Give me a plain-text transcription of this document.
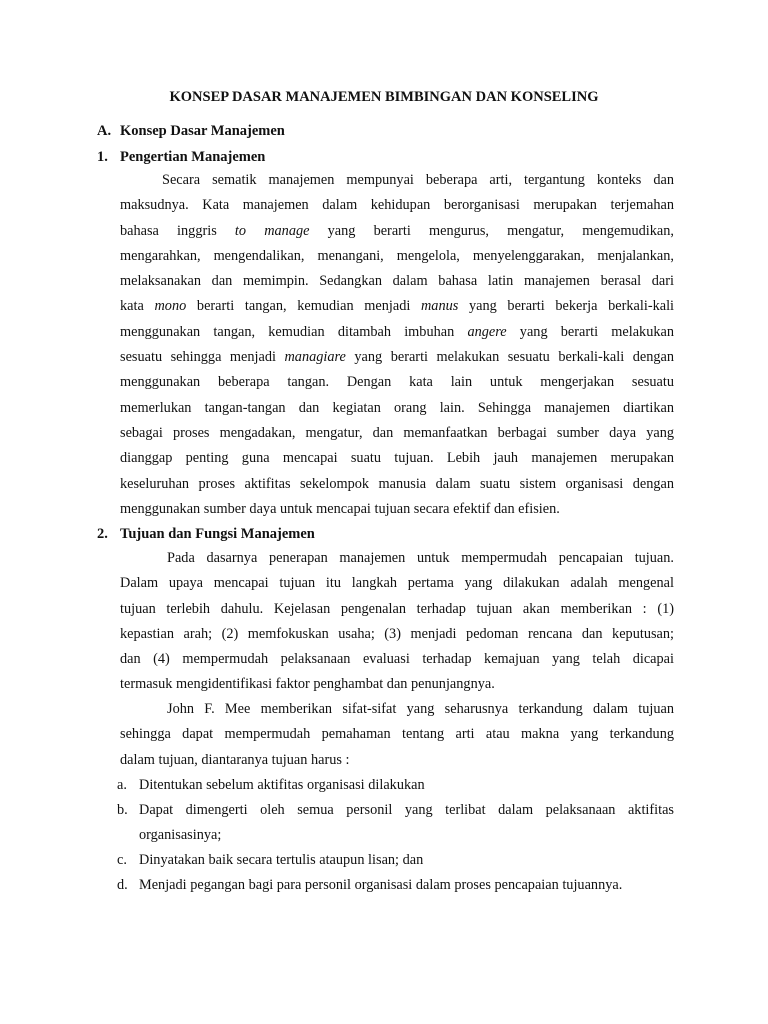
KONSEP DASAR MANAJEMEN BIMBINGAN DAN KONSELING
A. Konsep Dasar Manajemen
1. Pengertian Manajemen
Secara sematik manajemen mempunyai beberapa arti, tergantung konteks dan
maksudnya. Kata manajemen dalam kehidupan berorganisasi merupakan terjemahan
bahasa inggris to manage yang berarti mengurus, mengatur, mengemudikan,
mengarahkan, mengendalikan, menangani, mengelola, menyelenggarakan, menjalankan,
melaksanakan dan memimpin. Sedangkan dalam bahasa latin manajemen berasal dari
kata mono berarti tangan, kemudian menjadi manus yang berarti bekerja berkali-kali
menggunakan tangan, kemudian ditambah imbuhan angere yang berarti melakukan
sesuatu sehingga menjadi managiare yang berarti melakukan sesuatu berkali-kali dengan
menggunakan beberapa tangan. Dengan kata lain untuk mengerjakan sesuatu
memerlukan tangan-tangan dan kegiatan orang lain. Sehingga manajemen diartikan
sebagai proses mengadakan, mengatur, dan memanfaatkan berbagai sumber daya yang
dianggap penting guna mencapai suatu tujuan. Lebih jauh manajemen merupakan
keseluruhan proses aktifitas sekelompok manusia dalam suatu sistem organisasi dengan
menggunakan sumber daya untuk mencapai tujuan secara efektif dan efisien.
2. Tujuan dan Fungsi Manajemen
Pada dasarnya penerapan manajemen untuk mempermudah pencapaian tujuan.
Dalam upaya mencapai tujuan itu langkah pertama yang dilakukan adalah mengenal
tujuan terlebih dahulu. Kejelasan pengenalan terhadap tujuan akan memberikan : (1)
kepastian arah; (2) memfokuskan usaha; (3) menjadi pedoman rencana dan keputusan;
dan (4) mempermudah pelaksanaan evaluasi terhadap kemajuan yang telah dicapai
termasuk mengidentifikasi faktor penghambat dan penunjangnya.
John F. Mee memberikan sifat-sifat yang seharusnya terkandung dalam tujuan
sehingga dapat mempermudah pemahaman tentang arti atau makna yang terkandung
dalam tujuan, diantaranya tujuan harus :
a. Ditentukan sebelum aktifitas organisasi dilakukan
b. Dapat dimengerti oleh semua personil yang terlibat dalam pelaksanaan aktifitas
organisasinya;
c. Dinyatakan baik secara tertulis ataupun lisan; dan
d. Menjadi pegangan bagi para personil organisasi dalam proses pencapaian tujuannya.
